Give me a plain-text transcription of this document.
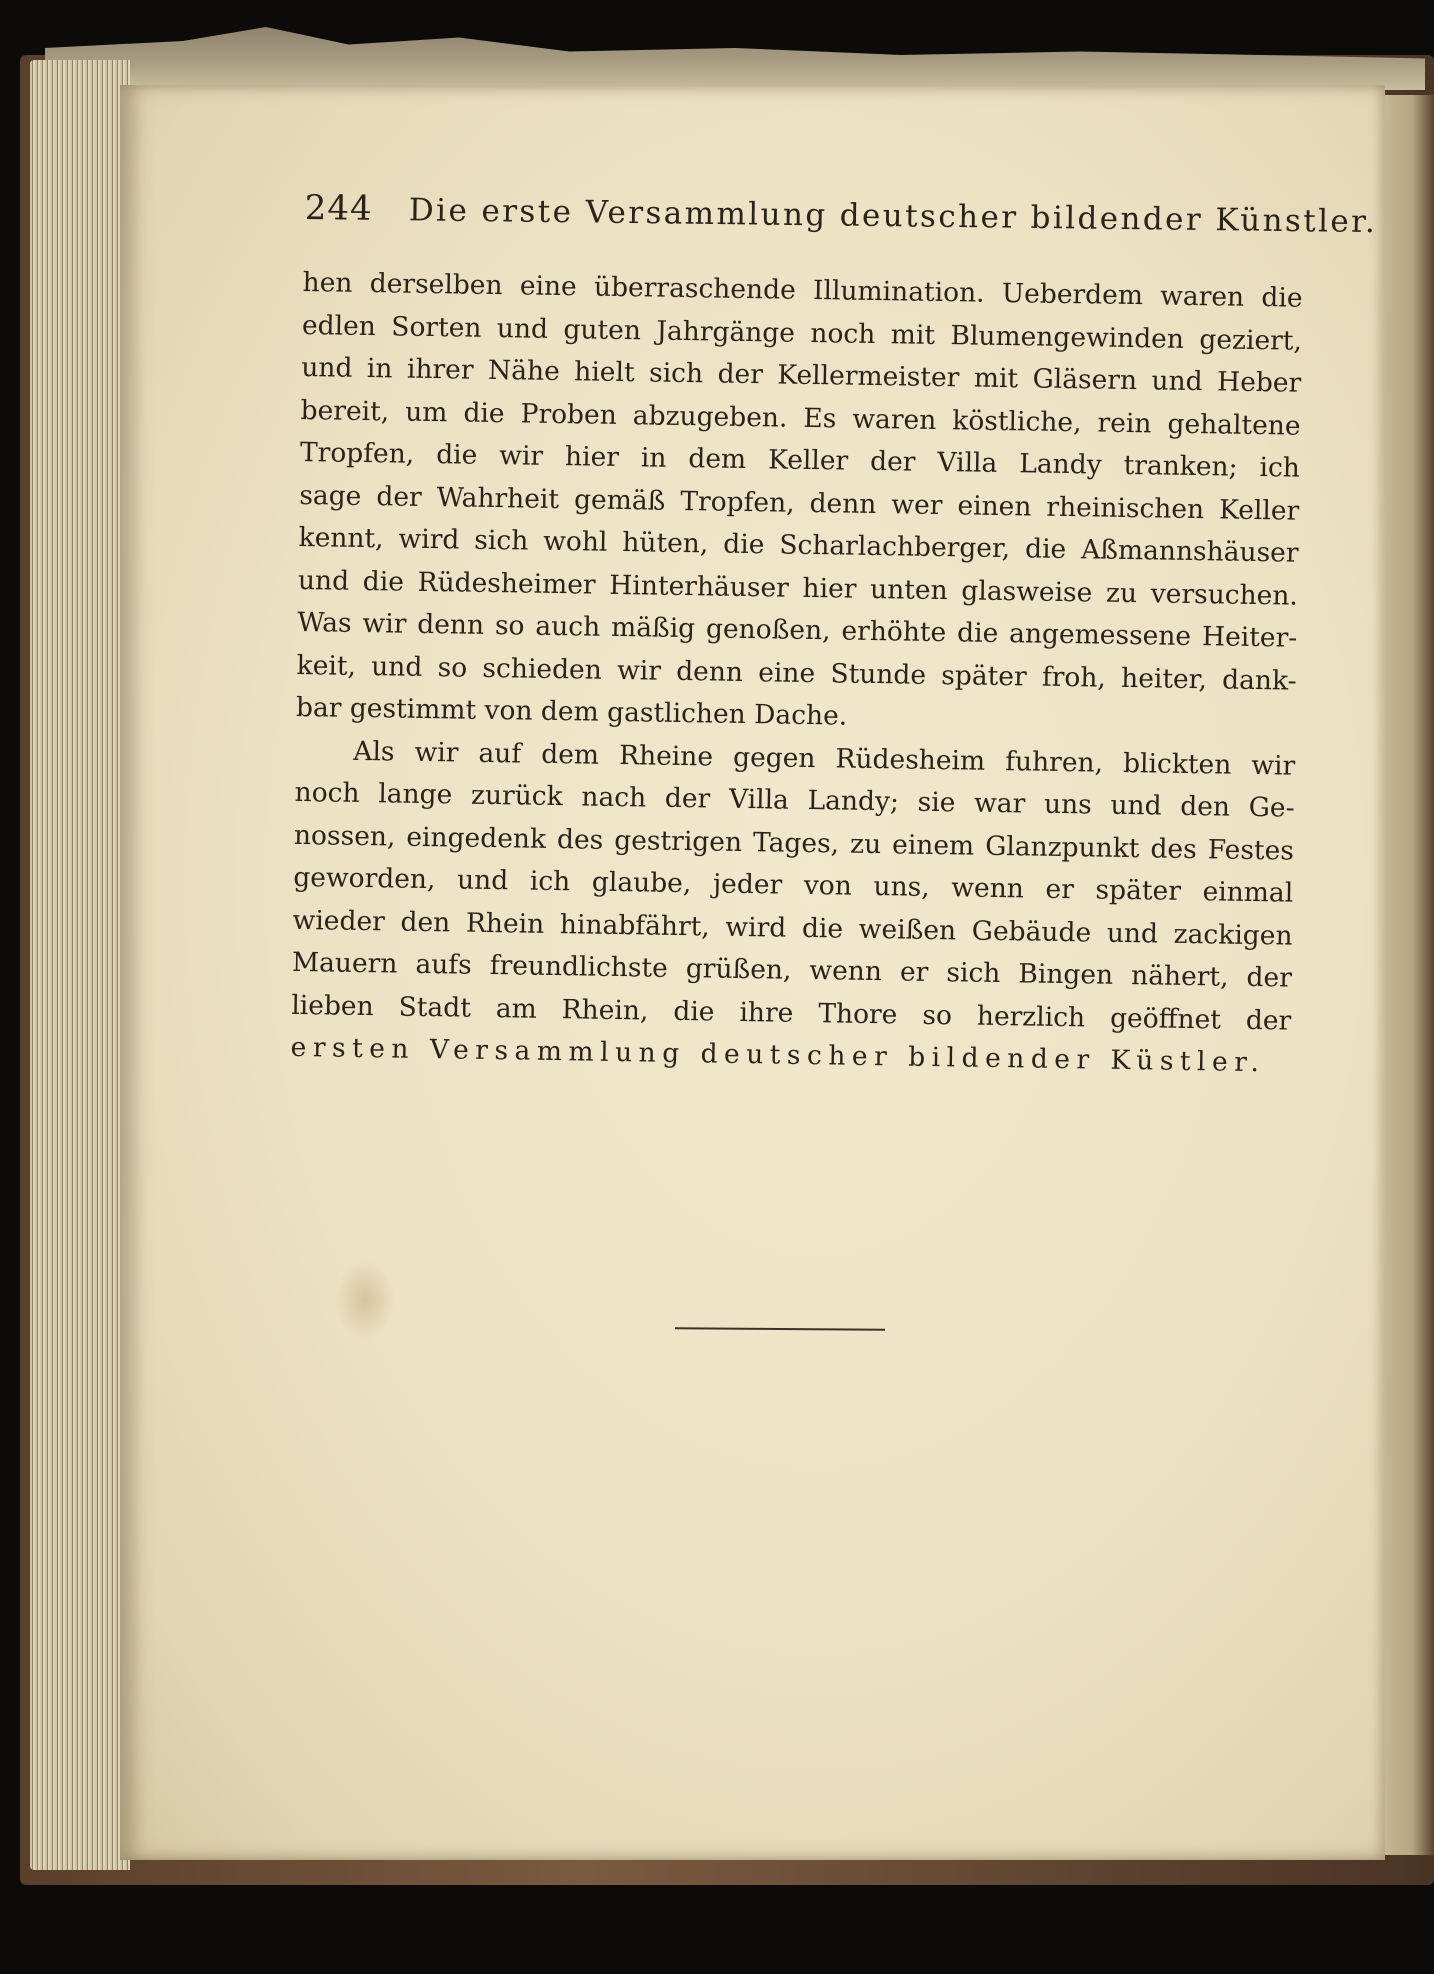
244 Die erste Versammlung deutscher bildender Künstler.
hen derselben eine überraschende Illumination. Ueberdem waren die
edlen Sorten und guten Jahrgänge noch mit Blumengewinden geziert,
und in ihrer Nähe hielt sich der Kellermeister mit Gläsern und Heber
bereit, um die Proben abzugeben. Es waren köstliche, rein gehaltene
Tropfen, die wir hier in dem Keller der Villa Landy tranken; ich
sage der Wahrheit gemäß Tropfen, denn wer einen rheinischen Keller
kennt, wird sich wohl hüten, die Scharlachberger, die Aßmannshäuser
und die Rüdesheimer Hinterhäuser hier unten glasweise zu versuchen.
Was wir denn so auch mäßig genoßen, erhöhte die angemessene Heiter-
keit, und so schieden wir denn eine Stunde später froh, heiter, dank-
bar gestimmt von dem gastlichen Dache.
Als wir auf dem Rheine gegen Rüdesheim fuhren, blickten wir
noch lange zurück nach der Villa Landy; sie war uns und den Ge-
nossen, eingedenk des gestrigen Tages, zu einem Glanzpunkt des Festes
geworden, und ich glaube, jeder von uns, wenn er später einmal
wieder den Rhein hinabfährt, wird die weißen Gebäude und zackigen
Mauern aufs freundlichste grüßen, wenn er sich Bingen nähert, der
lieben Stadt am Rhein, die ihre Thore so herzlich geöffnet der
ersten Versammlung deutscher bildender Küstler.
